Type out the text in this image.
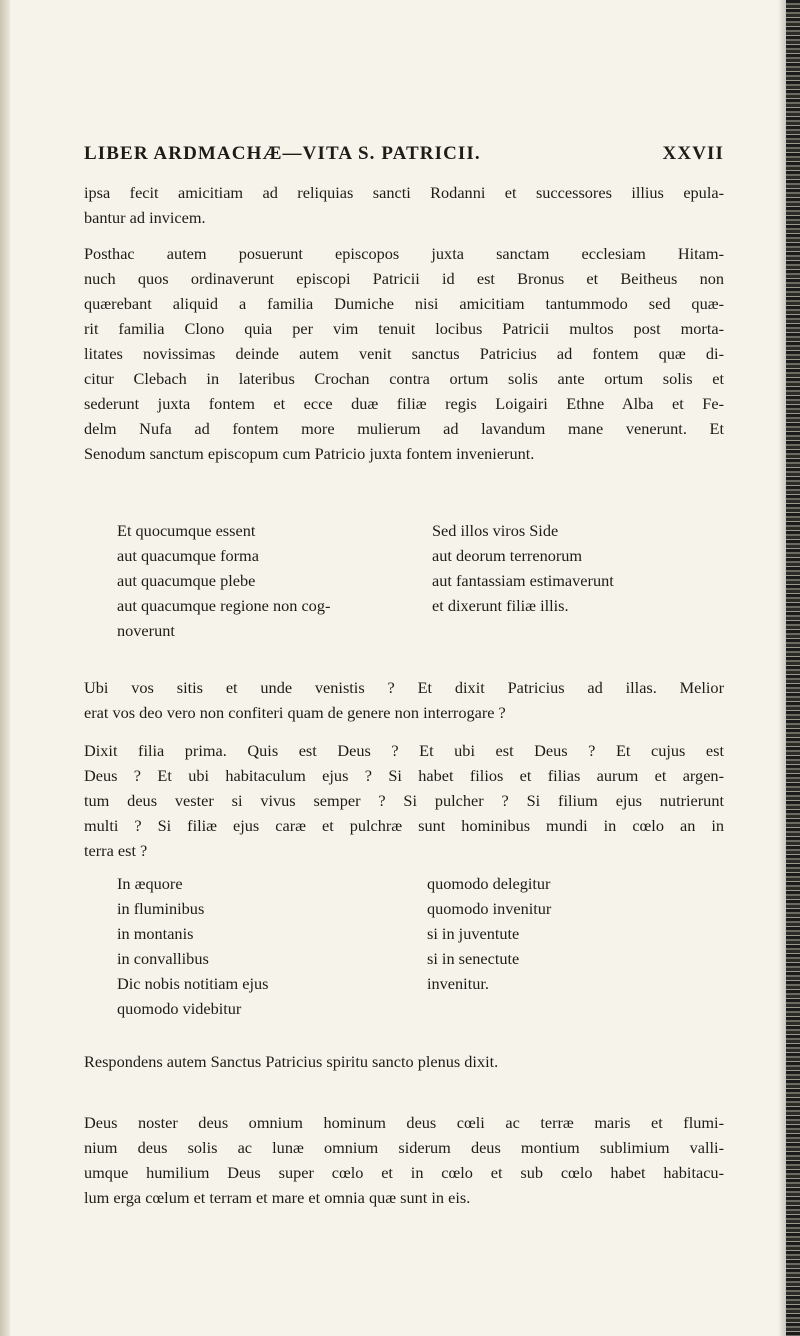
LIBER ARDMACHÆ—VITA S. PATRICII.	XXVII
ipsa fecit amicitiam ad reliquias sancti Rodanni et successores illius epula-
bantur ad invicem.
Posthac autem posuerunt episcopos juxta sanctam ecclesiam Hitam-
nuch quos ordinaverunt episcopi Patricii id est Bronus et Beitheus non
quærebant aliquid a familia Dumiche nisi amicitiam tantummodo sed quæ-
rit familia Clono quia per vim tenuit locibus Patricii multos post morta-
litates novissimas deinde autem venit sanctus Patricius ad fontem quæ di-
citur Clebach in lateribus Crochan contra ortum solis ante ortum solis et
sederunt juxta fontem et ecce duæ filiæ regis Loigairi Ethne Alba et Fe-
delm Nufa ad fontem more mulierum ad lavandum mane venerunt. Et
Senodum sanctum episcopum cum Patricio juxta fontem invenierunt.
Et quocumque essent
aut quacumque forma
aut quacumque plebe
aut quacumque regione non cog-
noverunt
Sed illos viros Side
aut deorum terrenorum
aut fantassiam estimaverunt
et dixerunt filiæ illis.
Ubi vos sitis et unde venistis ? Et dixit Patricius ad illas. Melior
erat vos deo vero non confiteri quam de genere non interrogare ?
Dixit filia prima. Quis est Deus ? Et ubi est Deus ? Et cujus est
Deus ? Et ubi habitaculum ejus ? Si habet filios et filias aurum et argen-
tum deus vester si vivus semper ? Si pulcher ? Si filium ejus nutrierunt
multi ? Si filiæ ejus caræ et pulchræ sunt hominibus mundi in cœlo an in
terra est ?
In æquore
in fluminibus
in montanis
in convallibus
Dic nobis notitiam ejus
quomodo videbitur
quomodo delegitur
quomodo invenitur
si in juventute
si in senectute
invenitur.
Respondens autem Sanctus Patricius spiritu sancto plenus dixit.
Deus noster deus omnium hominum deus cœli ac terræ maris et flumi-
nium deus solis ac lunæ omnium siderum deus montium sublimium valli-
umque humilium Deus super cœlo et in cœlo et sub cœlo habet habitacu-
lum erga cœlum et terram et mare et omnia quæ sunt in eis.
